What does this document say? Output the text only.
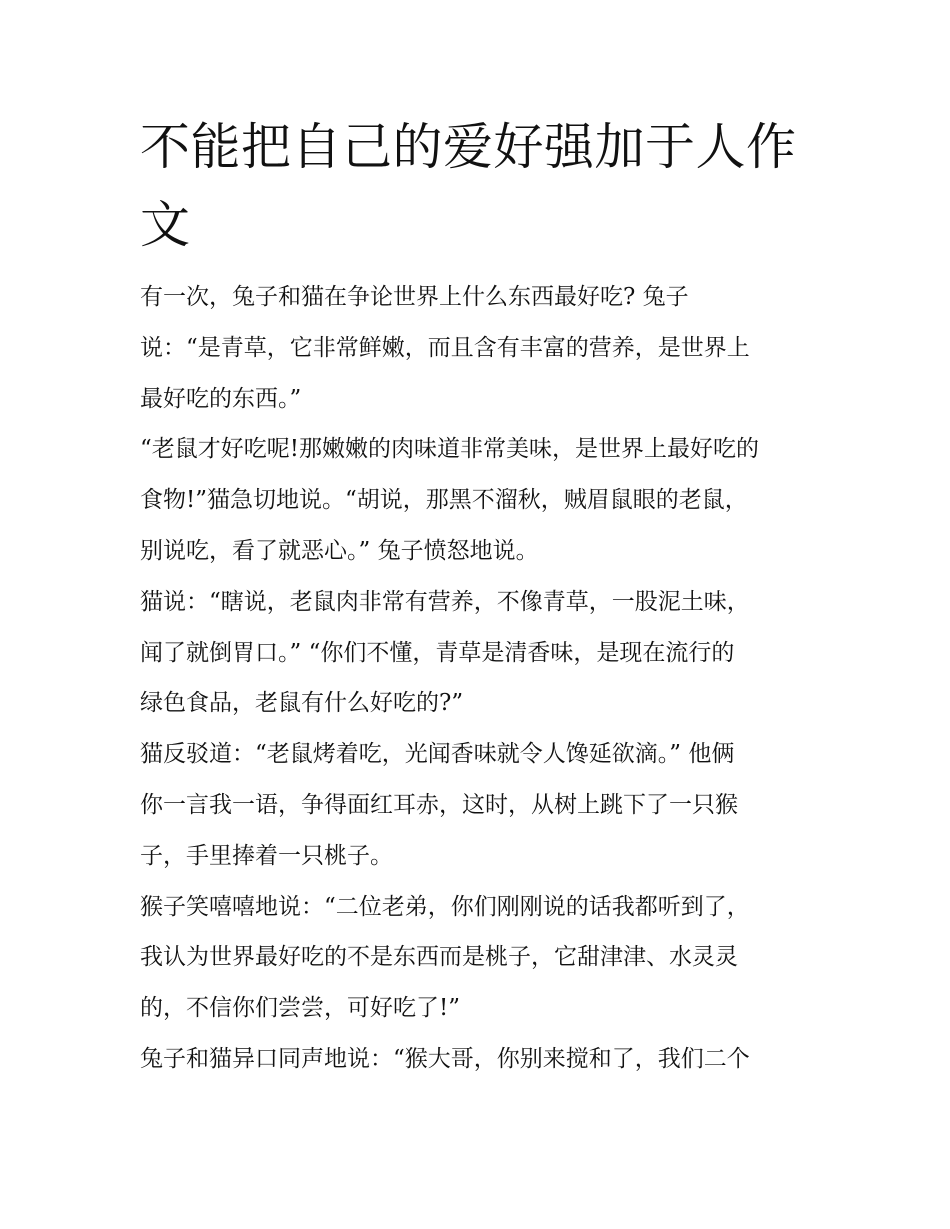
不能把自己的爱好强加于人作
文

有一次，兔子和猫在争论世界上什么东西最好吃? 兔子
说：“是青草，它非常鲜嫩，而且含有丰富的营养，是世界上
最好吃的东西。”

“老鼠才好吃呢!那嫩嫩的肉味道非常美味，是世界上最好吃的
食物!”猫急切地说。“胡说，那黑不溜秋，贼眉鼠眼的老鼠，
别说吃，看了就恶心。” 兔子愤怒地说。

猫说：“瞎说，老鼠肉非常有营养，不像青草，一股泥土味，
闻了就倒胃口。” “你们不懂，青草是清香味，是现在流行的
绿色食品，老鼠有什么好吃的?”

猫反驳道：“老鼠烤着吃，光闻香味就令人馋延欲滴。” 他俩
你一言我一语，争得面红耳赤，这时，从树上跳下了一只猴
子，手里捧着一只桃子。

猴子笑嘻嘻地说：“二位老弟，你们刚刚说的话我都听到了，
我认为世界最好吃的不是东西而是桃子，它甜津津、水灵灵
的，不信你们尝尝，可好吃了!”

兔子和猫异口同声地说：“猴大哥，你别来搅和了，我们二个
